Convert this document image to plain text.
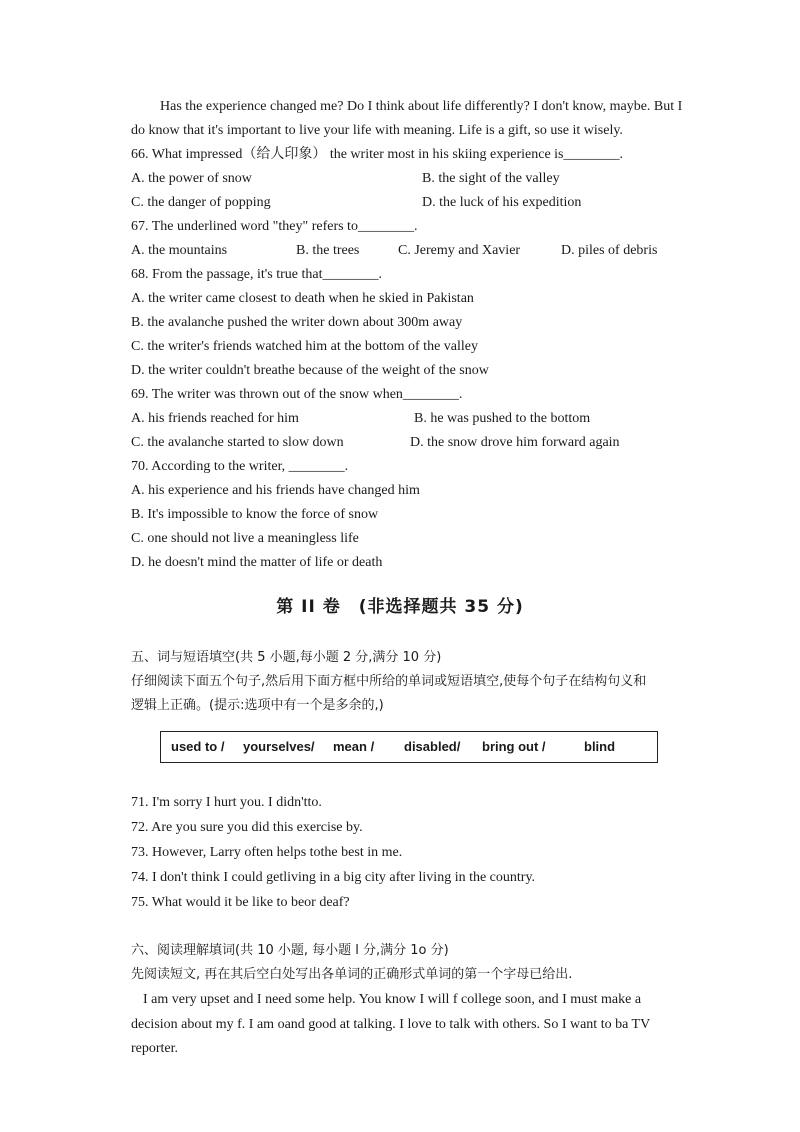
Has the experience changed me? Do I think about life differently? I don't know, maybe. But I
do know that it's important to live your life with meaning. Life is a gift, so use it wisely.
66. What impressed（给人印象） the writer most in his skiing experience is________.
A. the power of snow	B. the sight of the valley
C. the danger of popping	D. the luck of his expedition
67. The underlined word "they" refers to________.
A. the mountains	B. the trees	C. Jeremy and Xavier	D. piles of debris
68. From the passage, it's true that________.
A. the writer came closest to death when he skied in Pakistan
B. the avalanche pushed the writer down about 300m away
C. the writer's friends watched him at the bottom of the valley
D. the writer couldn't breathe because of the weight of the snow
69. The writer was thrown out of the snow when________.
A. his friends reached for him	B. he was pushed to the bottom
C. the avalanche started to slow down	D. the snow drove him forward again
70. According to the writer, ________.
A. his experience and his friends have changed him
B. It's impossible to know the force of snow
C. one should not live a meaningless life
D. he doesn't mind the matter of life or death
第 II 卷　(非选择题共 35 分)
五、词与短语填空(共 5 小题,每小题 2 分,满分 10 分)
仔细阅读下面五个句子,然后用下面方框中所给的单词或短语填空,使每个句子在结构句义和
逻辑上正确。(提示:选项中有一个是多余的,)
used to / yourselves/ mean / disabled/ bring out /	blind
71. I'm sorry I hurt you. I didn'tto.
72. Are you sure you did this exercise by.
73. However, Larry often helps tothe best in me.
74. I don't think I could getliving in a big city after living in the country.
75. What would it be like to beor deaf?
六、阅读理解填词(共 10 小题, 每小题 l 分,满分 1o 分)
先阅读短文, 再在其后空白处写出各单词的正确形式单词的第一个字母已给出.
I am very upset and I need some help. You know I will f college soon, and I must make a
decision about my f. I am oand good at talking. I love to talk with others. So I want to ba TV
reporter.
